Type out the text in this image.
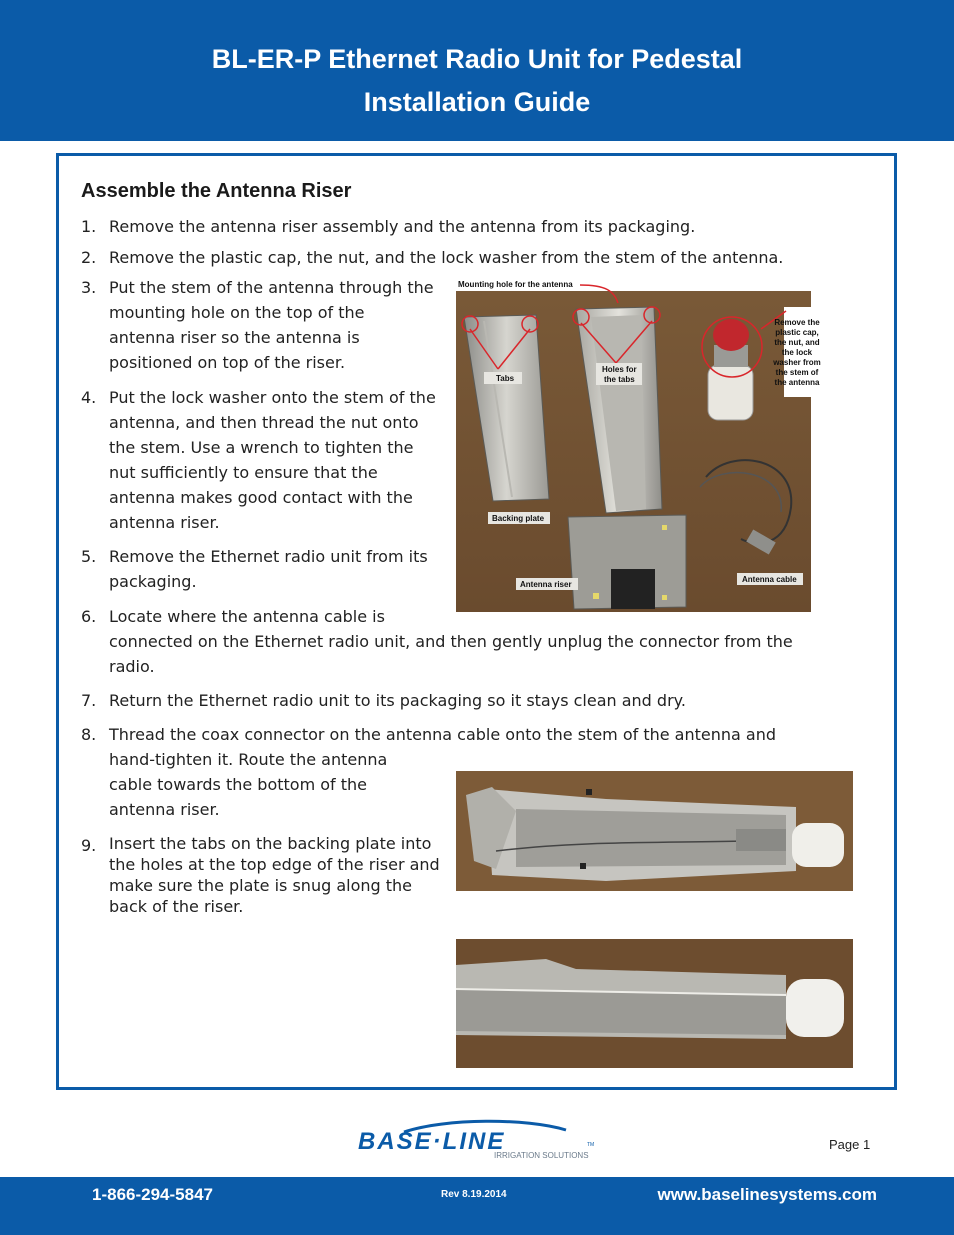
BL-ER-P Ethernet Radio Unit for Pedestal
Installation Guide
Assemble the Antenna Riser
1. Remove the antenna riser assembly and the antenna from its packaging.
2. Remove the plastic cap, the nut, and the lock washer from the stem of the antenna.
3. Put the stem of the antenna through the
mounting hole on the top of the
antenna riser so the antenna is
positioned on top of the riser.
4. Put the lock washer onto the stem of the
antenna, and then thread the nut onto
the stem. Use a wrench to tighten the
nut sufficiently to ensure that the
antenna makes good contact with the
antenna riser.
5. Remove the Ethernet radio unit from its
packaging.
6. Locate where the antenna cable is
connected on the Ethernet radio unit, and then gently unplug the connector from the
radio.
7. Return the Ethernet radio unit to its packaging so it stays clean and dry.
8. Thread the coax connector on the antenna cable onto the stem of the antenna and
hand-tighten it. Route the antenna
cable towards the bottom of the
antenna riser.
9. Insert the tabs on the backing plate into
the holes at the top edge of the riser and
make sure the plate is snug along the
back of the riser.
Mounting hole for the antenna
Tabs
Holes for
the tabs
Remove the
plastic cap,
the nut, and
the lock
washer from
the stem of
the antenna
Backing plate
Antenna riser
Antenna cable
BASE·LINE	TM
IRRIGATION SOLUTIONS
Page 1
1-866-294-5847	Rev 8.19.2014	www.baselinesystems.com
